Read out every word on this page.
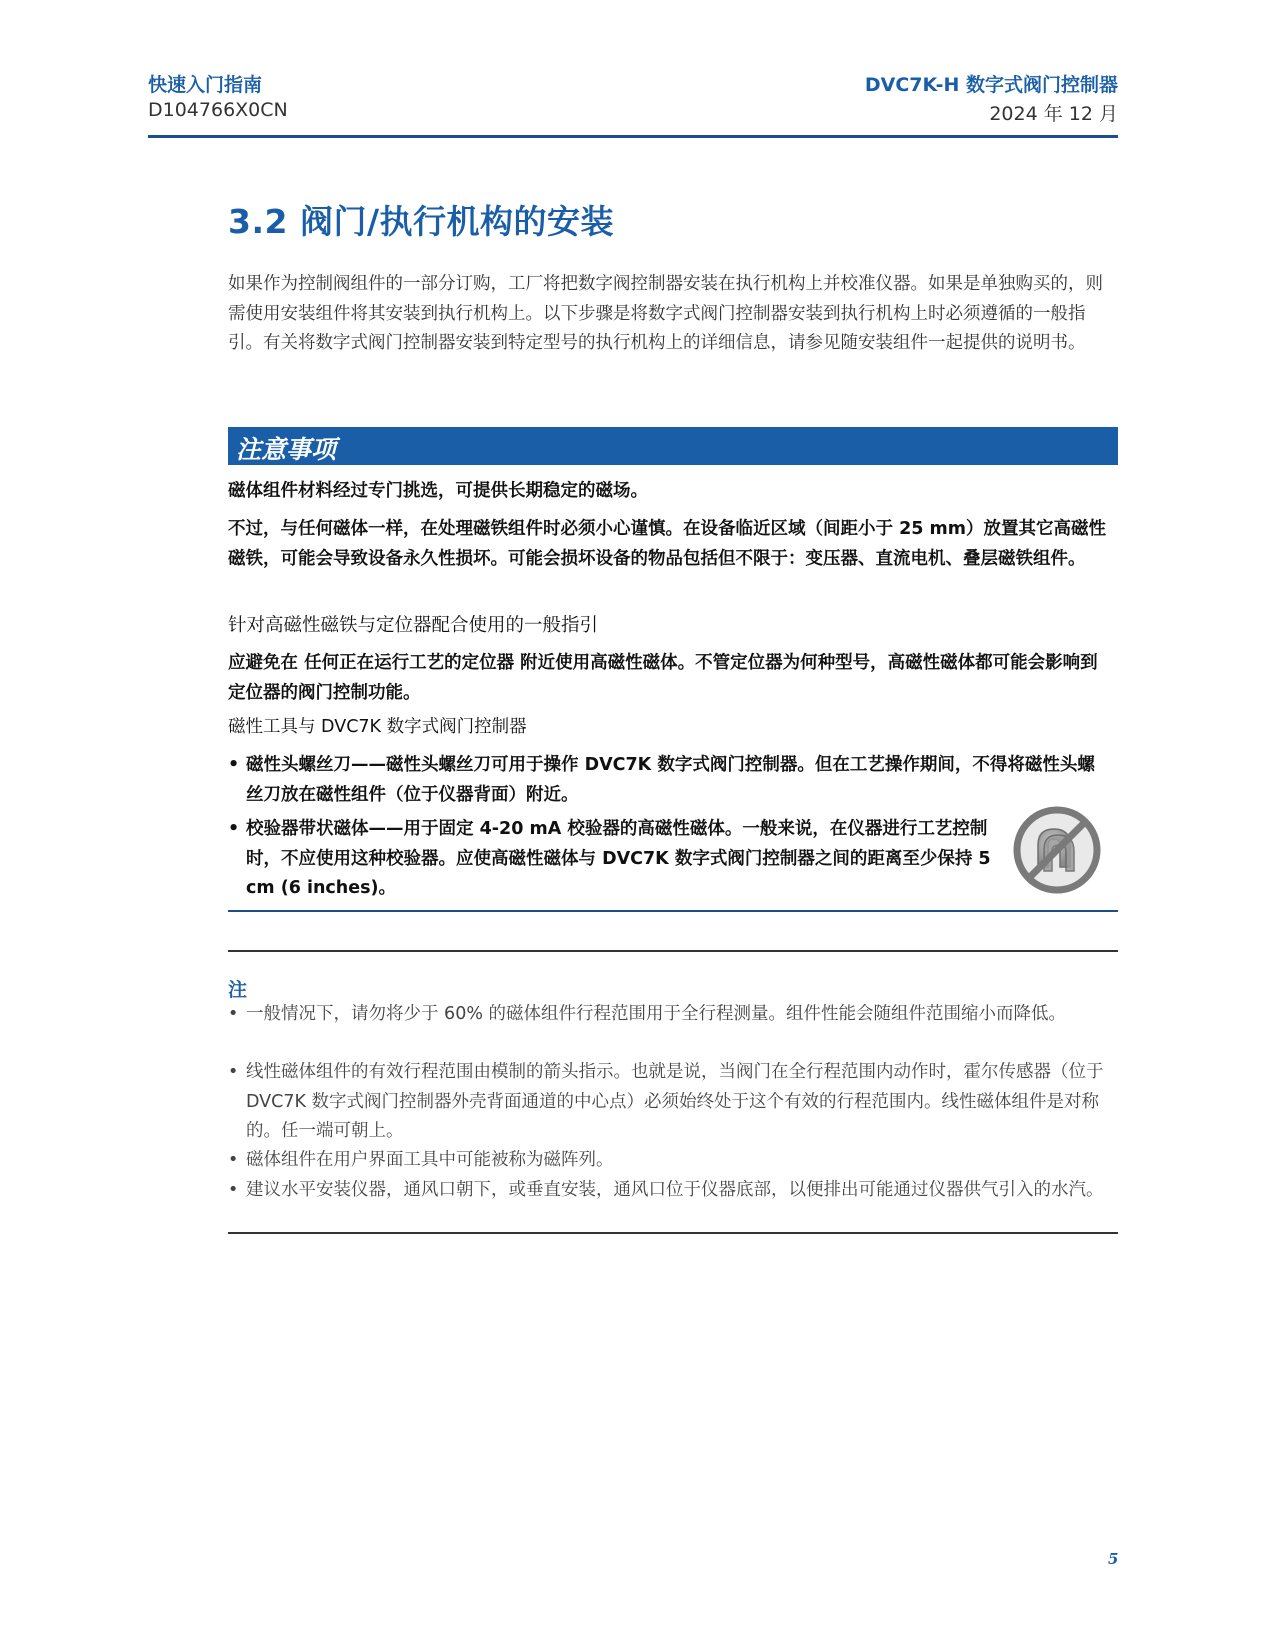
快速入门指南
D104766X0CN
DVC7K-H 数字式阀门控制器
2024 年 12 月
3.2 阀门/执行机构的安装
如果作为控制阀组件的一部分订购，工厂将把数字阀控制器安装在执行机构上并校准仪器。如果是单独购买的，则需使用安装组件将其安装到执行机构上。以下步骤是将数字式阀门控制器安装到执行机构上时必须遵循的一般指引。有关将数字式阀门控制器安装到特定型号的执行机构上的详细信息，请参见随安装组件一起提供的说明书。
注意事项
磁体组件材料经过专门挑选，可提供长期稳定的磁场。
不过，与任何磁体一样，在处理磁铁组件时必须小心谨慎。在设备临近区域（间距小于 25 mm）放置其它高磁性磁铁，可能会导致设备永久性损坏。可能会损坏设备的物品包括但不限于：变压器、直流电机、叠层磁铁组件。
针对高磁性磁铁与定位器配合使用的一般指引
应避免在 任何正在运行工艺的定位器 附近使用高磁性磁体。不管定位器为何种型号，高磁性磁体都可能会影响到定位器的阀门控制功能。
磁性工具与 DVC7K 数字式阀门控制器
• 磁性头螺丝刀——磁性头螺丝刀可用于操作 DVC7K 数字式阀门控制器。但在工艺操作期间，不得将磁性头螺丝刀放在磁性组件（位于仪器背面）附近。
• 校验器带状磁体——用于固定 4-20 mA 校验器的高磁性磁体。一般来说，在仪器进行工艺控制时，不应使用这种校验器。应使高磁性磁体与 DVC7K 数字式阀门控制器之间的距离至少保持 5 cm (6 inches)。
注
• 一般情况下，请勿将少于 60% 的磁体组件行程范围用于全行程测量。组件性能会随组件范围缩小而降低。
• 线性磁体组件的有效行程范围由模制的箭头指示。也就是说，当阀门在全行程范围内动作时，霍尔传感器（位于 DVC7K 数字式阀门控制器外壳背面通道的中心点）必须始终处于这个有效的行程范围内。线性磁体组件是对称的。任一端可朝上。
• 磁体组件在用户界面工具中可能被称为磁阵列。
• 建议水平安装仪器，通风口朝下，或垂直安装，通风口位于仪器底部，以便排出可能通过仪器供气引入的水汽。
5
